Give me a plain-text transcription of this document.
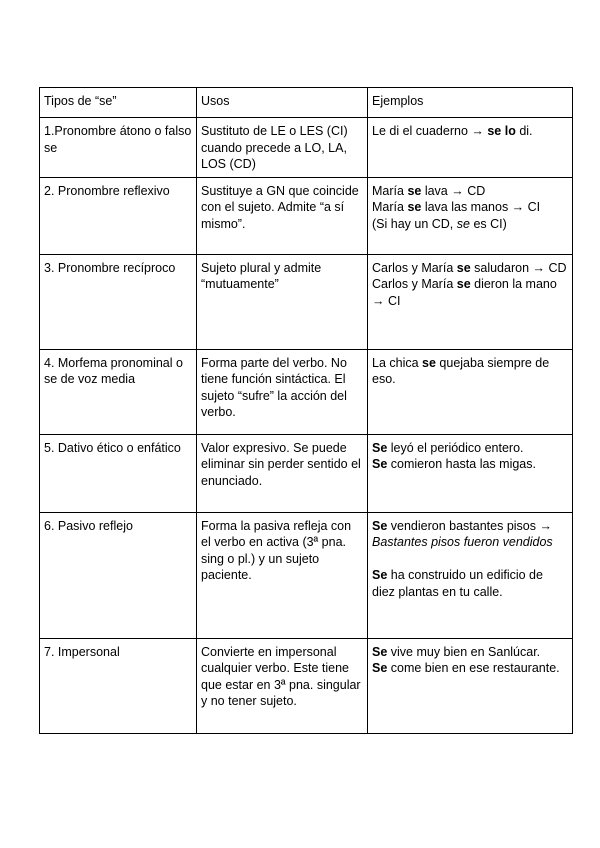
Tipos de “se”	Usos	Ejemplos
1.Pronombre átono o falso se	Sustituto de LE o LES (CI) cuando precede a LO, LA, LOS (CD)	Le di el cuaderno → se lo di.

2. Pronombre reflexivo	Sustituye a GN que coincide con el sujeto. Admite “a sí mismo”.	María se lava → CD
María se lava las manos → CI
(Si hay un CD, se es CI)

3. Pronombre recíproco	Sujeto plural y admite “mutuamente”	Carlos y María se saludaron → CD
Carlos y María se dieron la mano → CI

4. Morfema pronominal o se de voz media	Forma parte del verbo. No tiene función sintáctica. El sujeto “sufre” la acción del verbo.	La chica se quejaba siempre de eso.

5. Dativo ético o enfático	Valor expresivo. Se puede eliminar sin perder sentido el enunciado.	Se leyó el periódico entero.
Se comieron hasta las migas.

6. Pasivo reflejo	Forma la pasiva refleja con el verbo en activa (3ª pna. sing o pl.) y un sujeto paciente.	Se vendieron bastantes pisos → Bastantes pisos fueron vendidos
Se ha construido un edificio de diez plantas en tu calle.

7. Impersonal	Convierte en impersonal cualquier verbo. Este tiene que estar en 3ª pna. singular y no tener sujeto.	Se vive muy bien en Sanlúcar.
Se come bien en ese restaurante.
